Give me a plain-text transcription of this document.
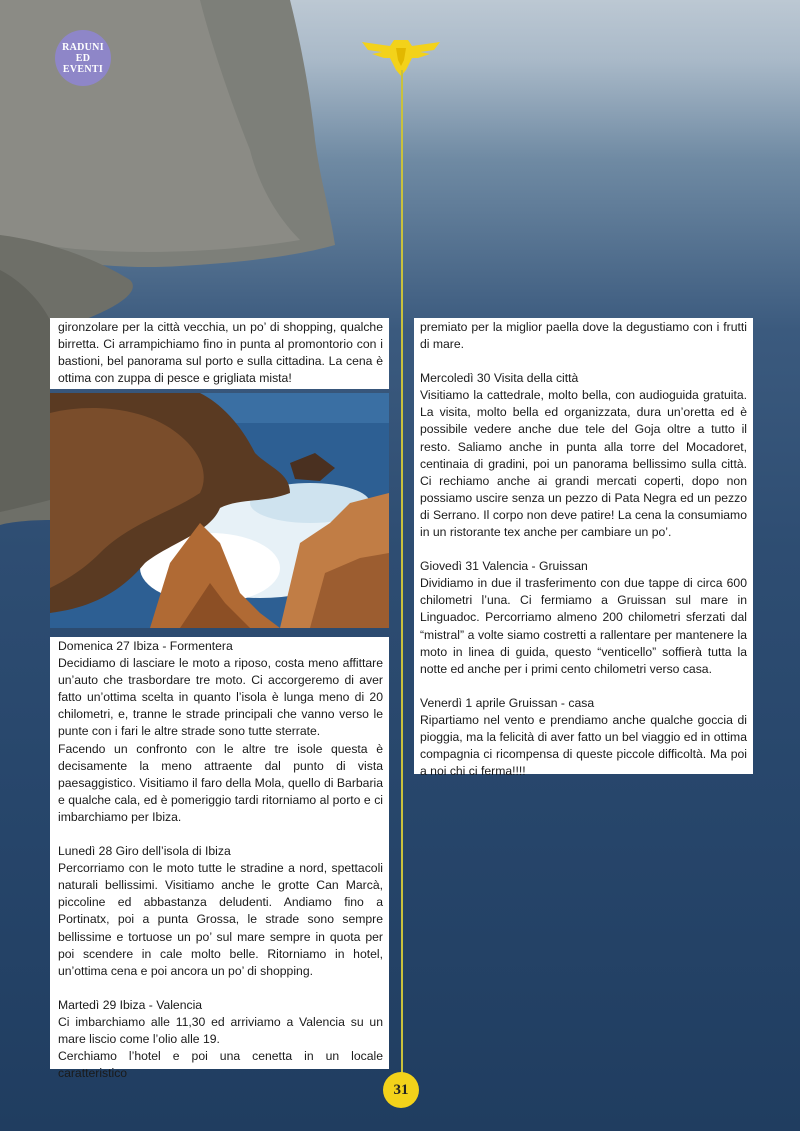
RADUNI
ED
EVENTI

gironzolare per la città vecchia, un po’ di shopping, qualche birretta. Ci arrampichiamo fino in punta al promontorio con i bastioni, bel panorama sul porto e sulla cittadina. La cena è ottima con zuppa di pesce e grigliata mista!

Domenica 27 Ibiza - Formentera

Decidiamo di lasciare le moto a riposo, costa meno affittare un’auto che trasbordare tre moto. Ci accorgeremo di aver fatto un’ottima scelta in quanto l’isola è lunga meno di 20 chilometri, e, tranne le strade principali che vanno verso le punte con i fari le altre strade sono tutte sterrate.

Facendo un confronto con le altre tre isole questa è decisamente la meno attraente dal punto di vista paesaggistico. Visitiamo il faro della Mola, quello di Barbaria e qualche cala, ed è pomeriggio tardi ritorniamo al porto e ci imbarchiamo per Ibiza.

Lunedì 28 Giro dell’isola di Ibiza

Percorriamo con le moto tutte le stradine a nord, spettacoli naturali bellissimi. Visitiamo anche le grotte Can Marcà, piccoline ed abbastanza deludenti. Andiamo fino a Portinatx, poi a punta Grossa, le strade sono sempre bellissime e tortuose un po’ sul mare sempre in quota per poi scendere in cale molto belle. Ritorniamo in hotel, un’ottima cena e poi ancora un po’ di shopping.

Martedì 29 Ibiza - Valencia

Ci imbarchiamo alle 11,30 ed arriviamo a Valencia su un mare liscio come l’olio alle 19.

Cerchiamo l’hotel e poi una cenetta in un locale caratteristico

premiato per la miglior paella dove la degustiamo con i frutti di mare.

Mercoledì 30 Visita della città

Visitiamo la cattedrale, molto bella, con audioguida gratuita. La visita, molto bella ed organizzata, dura un’oretta ed è possibile vedere anche due tele del Goja oltre a tutto il resto. Saliamo anche in punta alla torre del Mocadoret, centinaia di gradini, poi un panorama bellissimo sulla città. Ci rechiamo anche ai grandi mercati coperti, dopo non possiamo uscire senza un pezzo di Pata Negra ed un pezzo di Serrano. Il corpo non deve patire! La cena la consumiamo in un ristorante tex anche per cambiare un po’.

Giovedì 31 Valencia - Gruissan

Dividiamo in due il trasferimento con due tappe di circa 600 chilometri l’una. Ci fermiamo a Gruissan sul mare in Linguadoc. Percorriamo almeno 200 chilometri sferzati dal “mistral” a volte siamo costretti a rallentare per mantenere la moto in linea di guida, questo “venticello” soffierà tutta la notte ed anche per i primi cento chilometri verso casa.

Venerdì 1 aprile Gruissan - casa

Ripartiamo nel vento e prendiamo anche qualche goccia di pioggia, ma la felicità di aver fatto un bel viaggio ed in ottima compagnia ci ricompensa di queste piccole difficoltà. Ma poi a noi chi ci ferma!!!!

31
